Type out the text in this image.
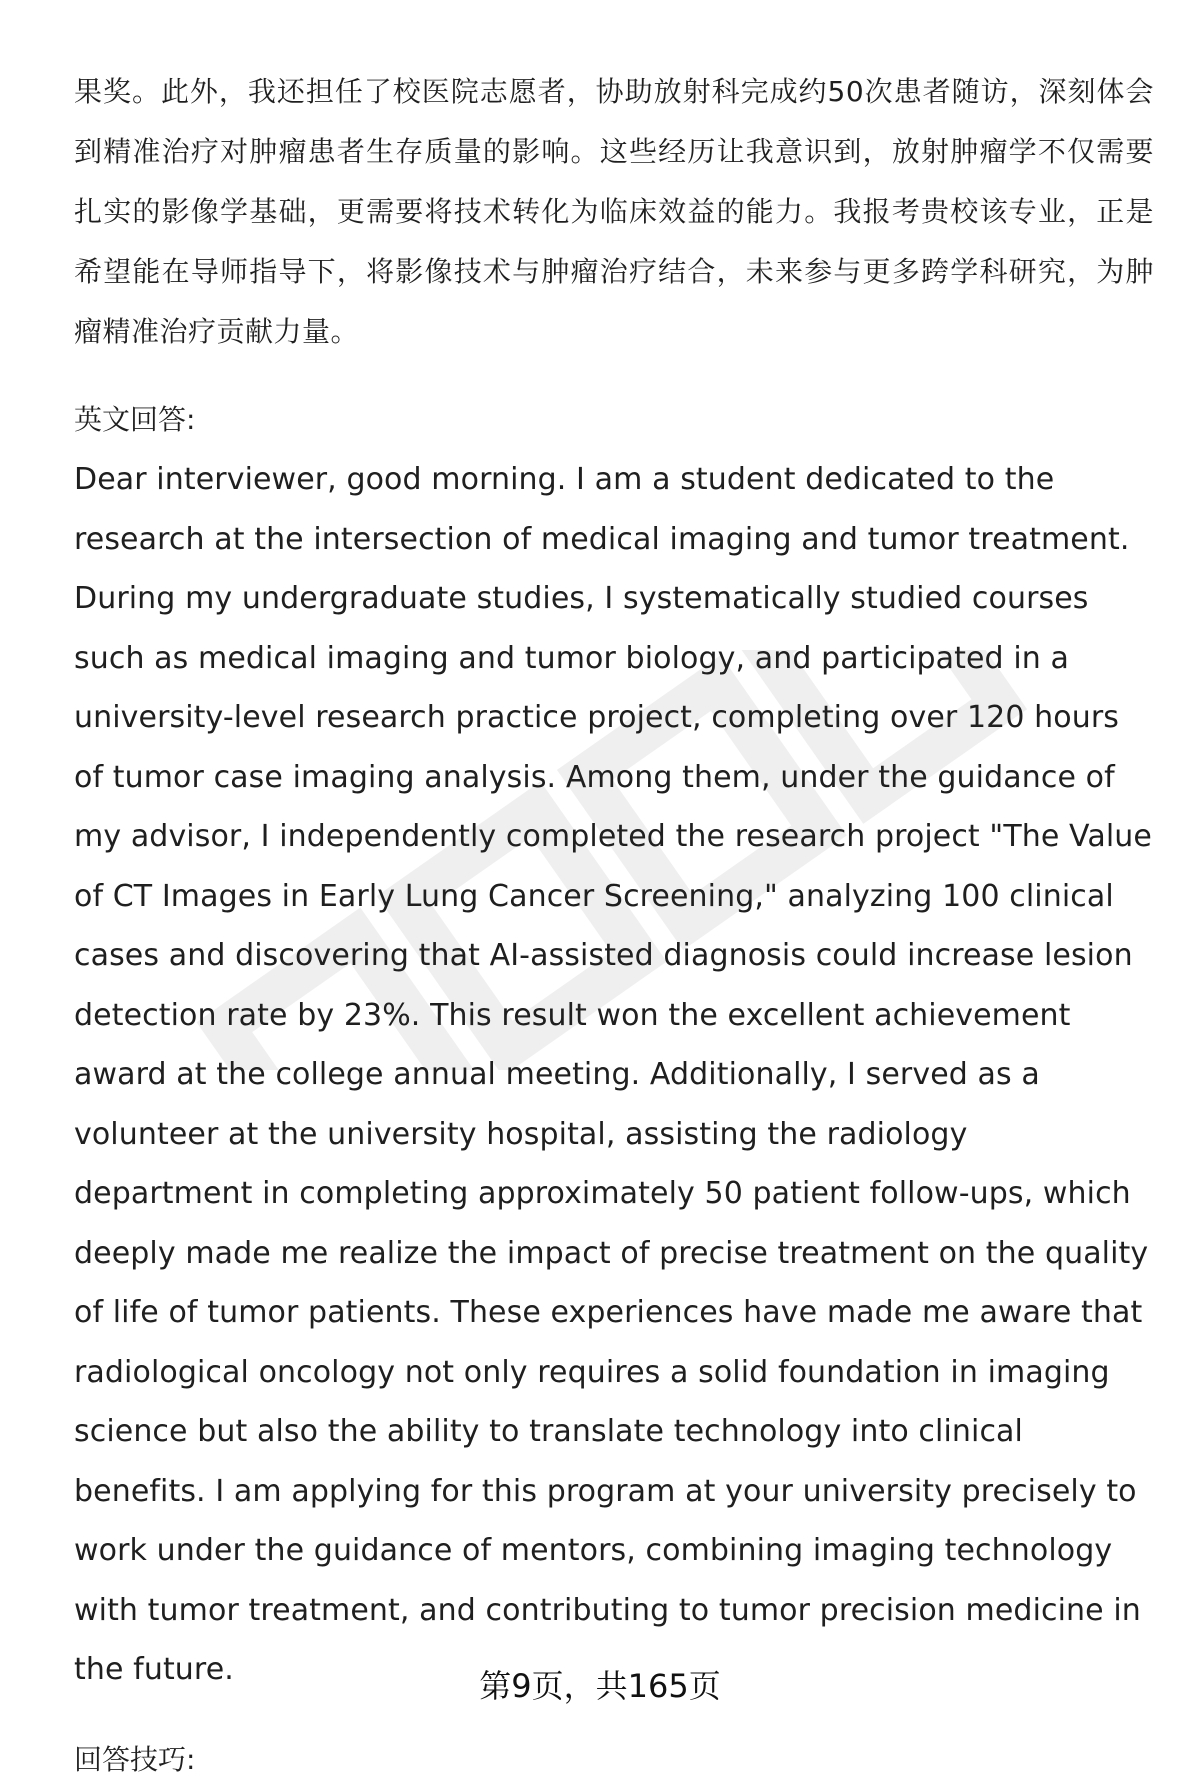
果奖。此外，我还担任了校医院志愿者，协助放射科完成约50次患者随访，深刻体会到精准治疗对肿瘤患者生存质量的影响。这些经历让我意识到，放射肿瘤学不仅需要扎实的影像学基础，更需要将技术转化为临床效益的能力。我报考贵校该专业，正是希望能在导师指导下，将影像技术与肿瘤治疗结合，未来参与更多跨学科研究，为肿瘤精准治疗贡献力量。

英文回答:

Dear interviewer, good morning. I am a student dedicated to the research at the intersection of medical imaging and tumor treatment. During my undergraduate studies, I systematically studied courses such as medical imaging and tumor biology, and participated in a university-level research practice project, completing over 120 hours of tumor case imaging analysis. Among them, under the guidance of my advisor, I independently completed the research project "The Value of CT Images in Early Lung Cancer Screening," analyzing 100 clinical cases and discovering that AI-assisted diagnosis could increase lesion detection rate by 23%. This result won the excellent achievement award at the college annual meeting. Additionally, I served as a volunteer at the university hospital, assisting the radiology department in completing approximately 50 patient follow-ups, which deeply made me realize the impact of precise treatment on the quality of life of tumor patients. These experiences have made me aware that radiological oncology not only requires a solid foundation in imaging science but also the ability to translate technology into clinical benefits. I am applying for this program at your university precisely to work under the guidance of mentors, combining imaging technology with tumor treatment, and contributing to tumor precision medicine in the future.

回答技巧:

第9页，共165页
